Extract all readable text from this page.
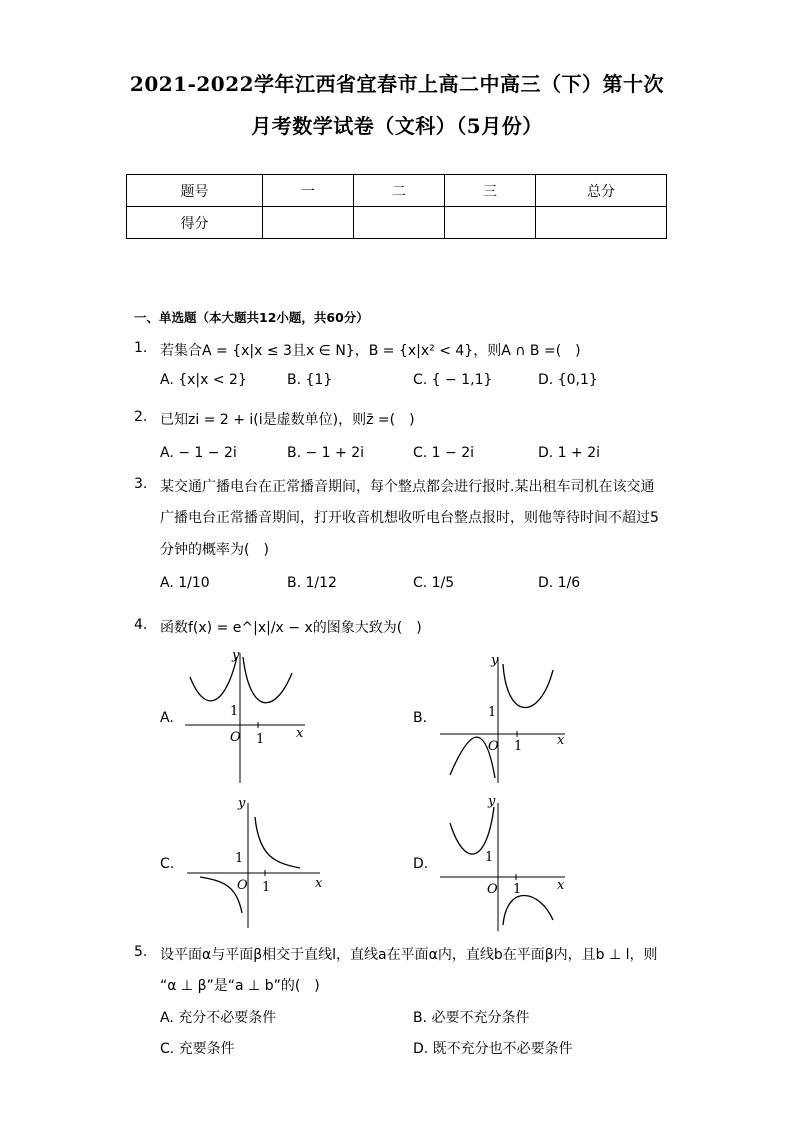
2021-2022学年江西省宜春市上高二中高三（下）第十次
月考数学试卷（文科）（5月份）
题号	一	二	三	总分
得分				
一、单选题（本大题共12小题，共60分）
1. 若集合A = {x|x ≤ 3且x ∈ N}，B = {x|x² < 4}，则A ∩ B =(　)
A. {x|x < 2}	B. {1}	C. { − 1,1}	D. {0,1}
2. 已知zi = 2 + i(i是虚数单位)，则z̄ =(　)
A. − 1 − 2i	B. − 1 + 2i	C. 1 − 2i	D. 1 + 2i
3. 某交通广播电台在正常播音期间，每个整点都会进行报时.某出租车司机在该交通
广播电台正常播音期间，打开收音机想收听电台整点报时，则他等待时间不超过5
分钟的概率为(　)
A. 1/10	B. 1/12	C. 1/5	D. 1/6
4. 函数f(x) = e^|x|/x − x的图象大致为(　)
A.
y
x
O 1
1	B.
y
x
O 1
1
C.
y
x
O 1
1	D.
y
x
O 1
1
5. 设平面α与平面β相交于直线l，直线a在平面α内，直线b在平面β内，且b ⊥ l，则
“α ⊥ β”是“a ⊥ b”的(　)
A. 充分不必要条件	B. 必要不充分条件
C. 充要条件	D. 既不充分也不必要条件
